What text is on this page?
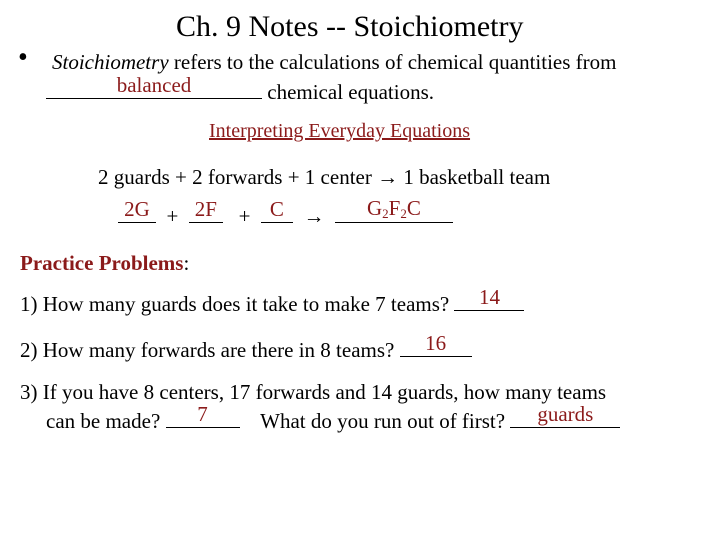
Ch. 9 Notes -- Stoichiometry
• Stoichiometry refers to the calculations of chemical quantities from
balanced	chemical equations.
Interpreting Everyday Equations
2 guards + 2 forwards + 1 center → 1 basketball team
2G + 2F + C →	$G_2F_2C$
Practice Problems:
1) How many guards does it take to make 7 teams?	14
2) How many forwards are there in 8 teams?	16
3) If you have 8 centers, 17 forwards and 14 guards, how many teams
can be made?	7	What do you run out of first?	guards
